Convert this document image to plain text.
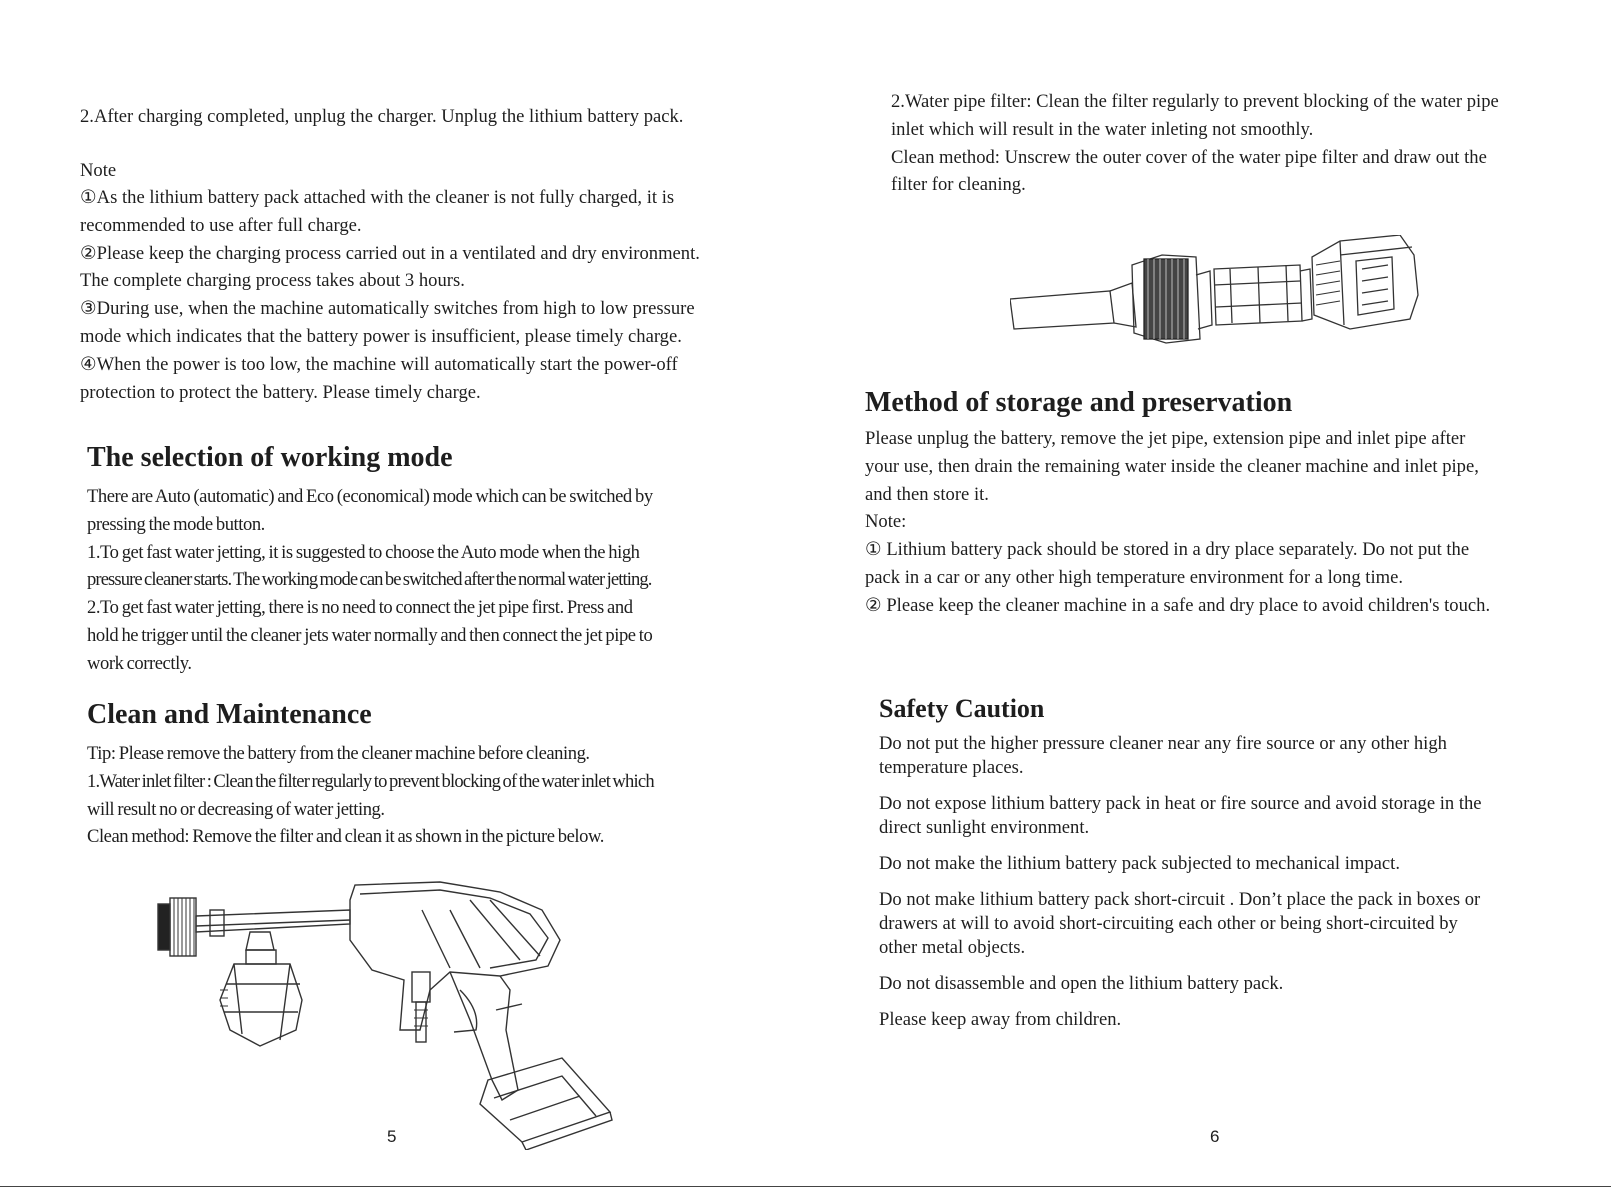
2.After charging completed, unplug the charger. Unplug the lithium battery pack.

Note

①As the lithium battery pack attached with the cleaner is not fully charged, it is
recommended to use after full charge.
②Please keep the charging process carried out in a ventilated and dry environment.
The complete charging process takes about 3 hours.
③During use, when the machine automatically switches from high to low pressure
mode which indicates that the battery power is insufficient, please timely charge.
④When the power is too low, the machine will automatically start the power-off
protection to protect the battery. Please timely charge.
The selection of working mode
There are Auto (automatic) and Eco (economical) mode which can be switched by
pressing the mode button.
1.To get fast water jetting, it is suggested to choose the Auto mode when the high
pressure cleaner starts. The working mode can be switched after the normal water jetting.
2.To get fast water jetting, there is no need to connect the jet pipe first. Press and
hold he trigger until the cleaner jets water normally and then connect the jet pipe to
work correctly.
Clean and Maintenance
Tip: Please remove the battery from the cleaner machine before cleaning.
1.Water inlet filter : Clean the filter regularly to prevent blocking of the water inlet which
will result no or decreasing of water jetting.
Clean method: Remove the filter and clean it as shown in the picture below.
5
2.Water pipe filter: Clean the filter regularly to prevent blocking of the water pipe
inlet which will result in the water inleting not smoothly.
Clean method: Unscrew the outer cover of the water pipe filter and draw out the
filter for cleaning.
Method of storage and preservation
Please unplug the battery, remove the jet pipe, extension pipe and inlet pipe after
your use, then drain the remaining water inside the cleaner machine and inlet pipe,
and then store it.
Note:
① Lithium battery pack should be stored in a dry place separately. Do not put the
pack in a car or any other high temperature environment for a long time.
② Please keep the cleaner machine in a safe and dry place to avoid children's touch.
Safety Caution
Do not put the higher pressure cleaner near any fire source or any other high
temperature places.
Do not expose lithium battery pack in heat or fire source and avoid storage in the
direct sunlight environment.
Do not make the lithium battery pack subjected to mechanical impact.
Do not make lithium battery pack short-circuit . Don’t place the pack in boxes or
drawers at will to avoid short-circuiting each other or being short-circuited by
other metal objects.
Do not disassemble and open the lithium battery pack.
Please keep away from children.
6
